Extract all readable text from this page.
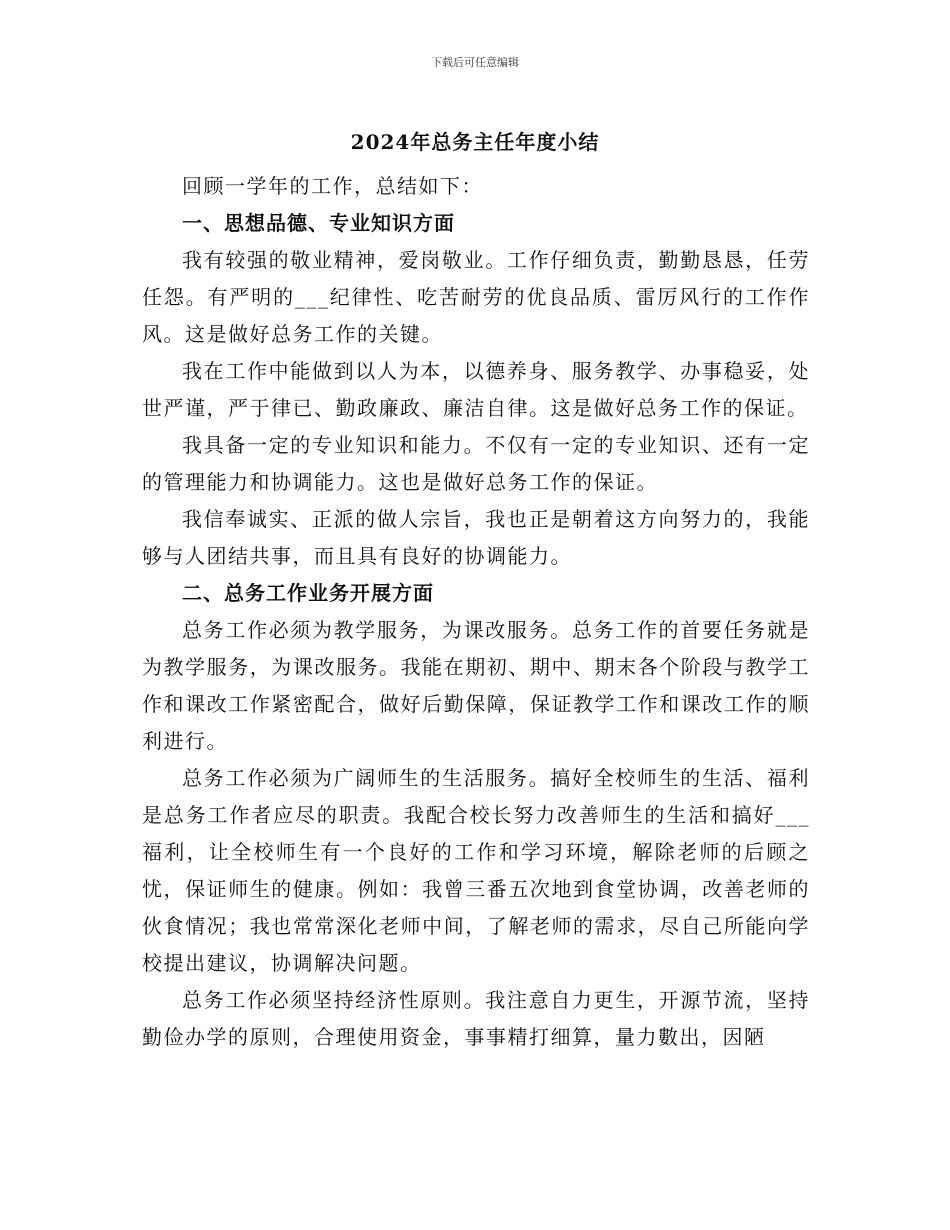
下载后可任意编辑
2024年总务主任年度小结

回顾一学年的工作，总结如下：

一、思想品德、专业知识方面

我有较强的敬业精神，爱岗敬业。工作仔细负责，勤勤恳恳，任劳任怨。有严明的___纪律性、吃苦耐劳的优良品质、雷厉风行的工作作风。这是做好总务工作的关键。

我在工作中能做到以人为本，以德养身、服务教学、办事稳妥，处世严谨，严于律已、勤政廉政、廉洁自律。这是做好总务工作的保证。

我具备一定的专业知识和能力。不仅有一定的专业知识、还有一定的管理能力和协调能力。这也是做好总务工作的保证。

我信奉诚实、正派的做人宗旨，我也正是朝着这方向努力的，我能够与人团结共事，而且具有良好的协调能力。

二、总务工作业务开展方面

总务工作必须为教学服务，为课改服务。总务工作的首要任务就是为教学服务，为课改服务。我能在期初、期中、期末各个阶段与教学工作和课改工作紧密配合，做好后勤保障，保证教学工作和课改工作的顺利进行。

总务工作必须为广阔师生的生活服务。搞好全校师生的生活、福利是总务工作者应尽的职责。我配合校长努力改善师生的生活和搞好___福利，让全校师生有一个良好的工作和学习环境，解除老师的后顾之忧，保证师生的健康。例如：我曾三番五次地到食堂协调，改善老师的伙食情况；我也常常深化老师中间，了解老师的需求，尽自己所能向学校提出建议，协调解决问题。

总务工作必须坚持经济性原则。我注意自力更生，开源节流，坚持勤俭办学的原则，合理使用资金，事事精打细算，量力數出，因陋
